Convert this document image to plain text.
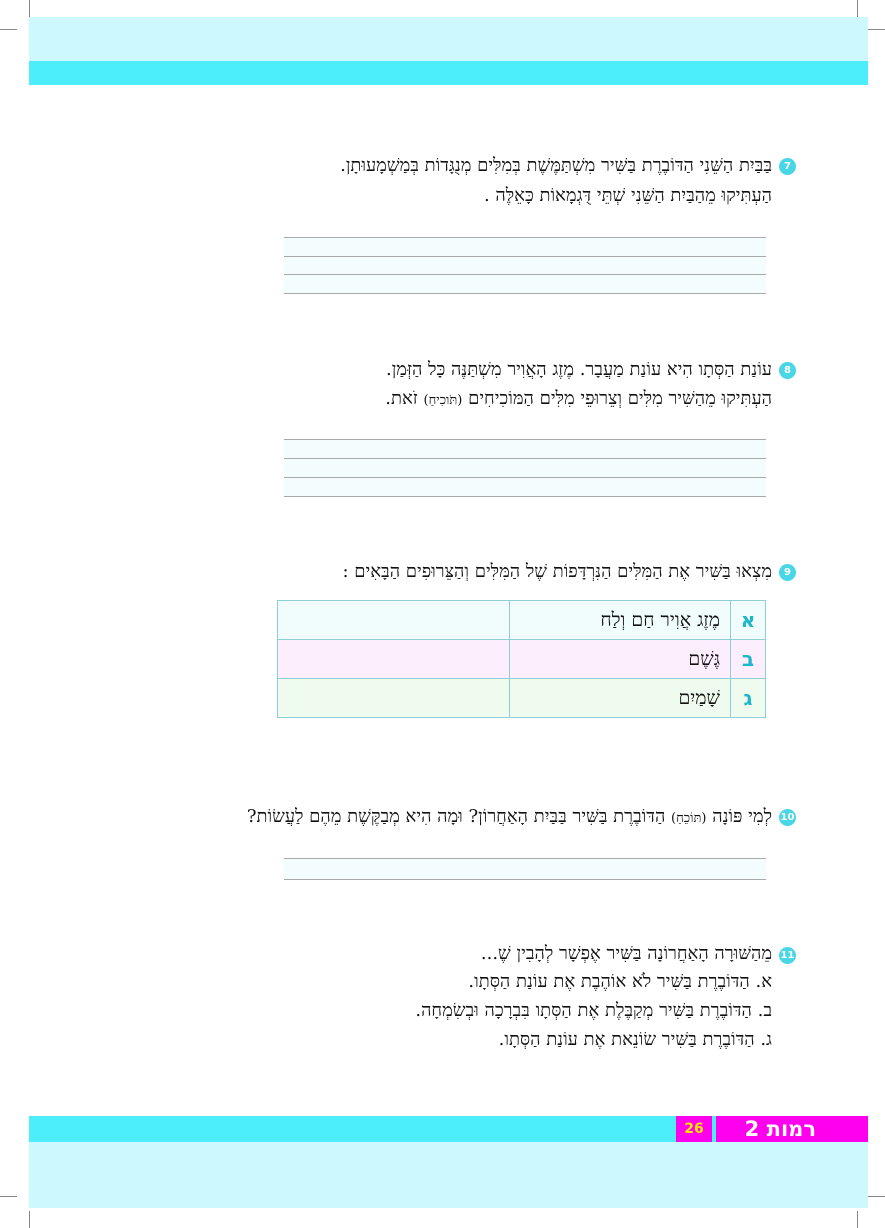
7
בַּבַּיִת הַשֵּׁנִי הַדּוֹבֶרֶת בַּשִּׁיר מִשְׁתַּמֶּשֶׁת בְּמִלִּים מְנֻגָּדוֹת בְּמַשְׁמָעוּתָן.
הַעְתִּיקוּ מֵהַבַּיִת הַשֵּׁנִי שְׁתֵּי דֻּגְמָאוֹת כָּאֵלֶּה .
8
עוֹנַת הַסְּתָו הִיא עוֹנַת מַעֲבָר. מֶזֶג הָאֲוִיר מִשְׁתַּנֶּה כָּל הַזְּמַן.
הַעְתִּיקוּ מֵהַשִּׁיר מִלִּים וְצֵרוּפֵי מִלִּים הַמּוֹכִיחִים (תֹּוכִיחַ) זֹאת.
9
מִצְאוּ בַּשִּׁיר אֶת הַמִּלִּים הַנִּרְדָּפוֹת שֶׁל הַמִּלִּים וְהַצֵּרוּפִים הַבָּאִים :
א	מֶזֶג אֲוִיר חַם וְלַח	
ב	גֶּשֶׁם	
ג	שָׁמַיִם	
10
לְמִי פּוֹנָה (תּוֹכֵחַ) הַדּוֹבֶרֶת בַּשִּׁיר בַּבַּיִת הָאַחֲרוֹן? וּמָה הִיא מְבַקֶּשֶׁת מֵהֶם לַעֲשׂוֹת?
11
מֵהַשּׁוּרָה הָאַחֲרוֹנָה בַּשִּׁיר אֶפְשָׁר לְהָבִין שֶׁ...
א. הַדּוֹבֶרֶת בַּשִּׁיר לֹא אוֹהֶבֶת אֶת עוֹנַת הַסְּתָו.
ב. הַדּוֹבֶרֶת בַּשִּׁיר מְקַבֶּלֶת אֶת הַסְּתָו בִּבְרָכָה וּבְשִׂמְחָה.
ג. הַדּוֹבֶרֶת בַּשִּׁיר שׂוֹנֵאת אֶת עוֹנַת הַסְּתָו.
26	רמות 2
